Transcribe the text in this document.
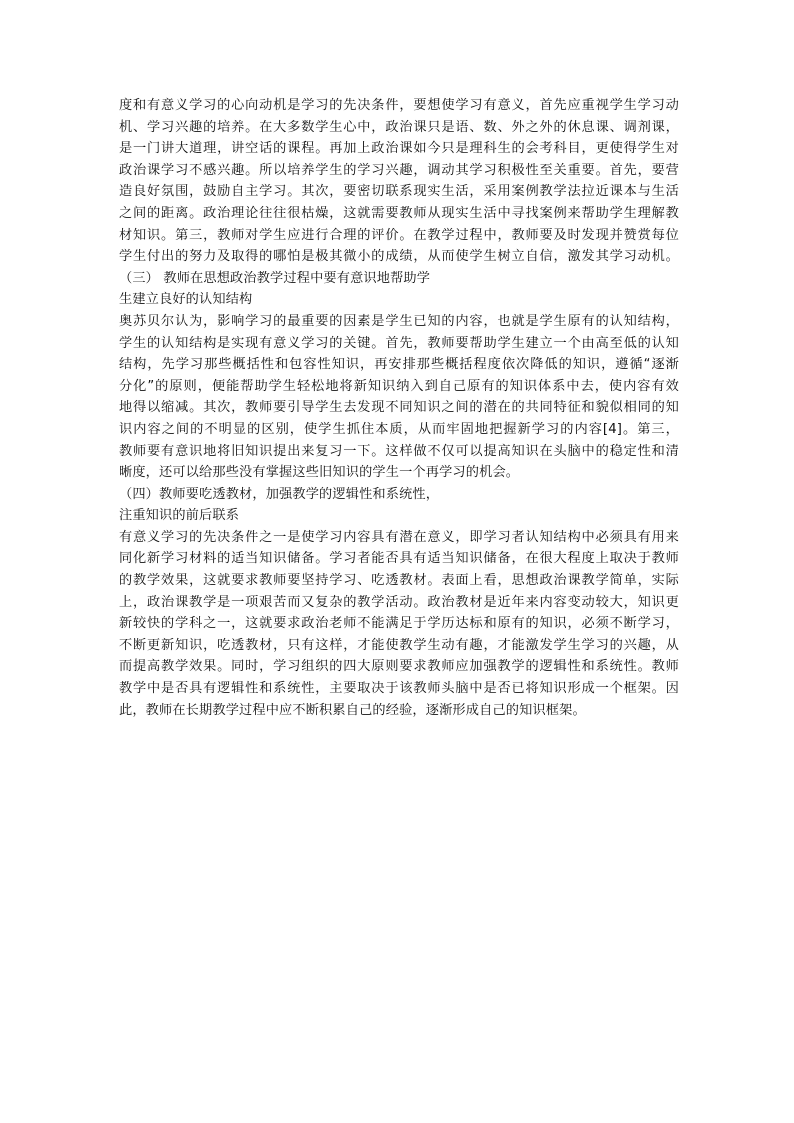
度和有意义学习的心向动机是学习的先决条件，要想使学习有意义，首先应重视学生学习动
机、学习兴趣的培养。在大多数学生心中，政治课只是语、数、外之外的休息课、调剂课，
是一门讲大道理，讲空话的课程。再加上政治课如今只是理科生的会考科目，更使得学生对
政治课学习不感兴趣。所以培养学生的学习兴趣，调动其学习积极性至关重要。首先，要营
造良好氛围，鼓励自主学习。其次，要密切联系现实生活，采用案例教学法拉近课本与生活
之间的距离。政治理论往往很枯燥，这就需要教师从现实生活中寻找案例来帮助学生理解教
材知识。第三，教师对学生应进行合理的评价。在教学过程中，教师要及时发现并赞赏每位
学生付出的努力及取得的哪怕是极其微小的成绩，从而使学生树立自信，激发其学习动机。
（三） 教师在思想政治教学过程中要有意识地帮助学
生建立良好的认知结构
奥苏贝尔认为，影响学习的最重要的因素是学生已知的内容，也就是学生原有的认知结构，
学生的认知结构是实现有意义学习的关键。首先，教师要帮助学生建立一个由高至低的认知
结构，先学习那些概括性和包容性知识，再安排那些概括程度依次降低的知识，遵循“逐渐
分化”的原则，便能帮助学生轻松地将新知识纳入到自己原有的知识体系中去，使内容有效
地得以缩减。其次，教师要引导学生去发现不同知识之间的潜在的共同特征和貌似相同的知
识内容之间的不明显的区别，使学生抓住本质，从而牢固地把握新学习的内容[4]。第三，
教师要有意识地将旧知识提出来复习一下。这样做不仅可以提高知识在头脑中的稳定性和清
晰度，还可以给那些没有掌握这些旧知识的学生一个再学习的机会。
（四）教师要吃透教材，加强教学的逻辑性和系统性，
注重知识的前后联系
有意义学习的先决条件之一是使学习内容具有潜在意义，即学习者认知结构中必须具有用来
同化新学习材料的适当知识储备。学习者能否具有适当知识储备，在很大程度上取决于教师
的教学效果，这就要求教师要坚持学习、吃透教材。表面上看，思想政治课教学简单，实际
上，政治课教学是一项艰苦而又复杂的教学活动。政治教材是近年来内容变动较大，知识更
新较快的学科之一，这就要求政治老师不能满足于学历达标和原有的知识，必须不断学习，
不断更新知识，吃透教材，只有这样，才能使教学生动有趣，才能激发学生学习的兴趣，从
而提高教学效果。同时，学习组织的四大原则要求教师应加强教学的逻辑性和系统性。教师
教学中是否具有逻辑性和系统性，主要取决于该教师头脑中是否已将知识形成一个框架。因
此，教师在长期教学过程中应不断积累自己的经验，逐渐形成自己的知识框架。
